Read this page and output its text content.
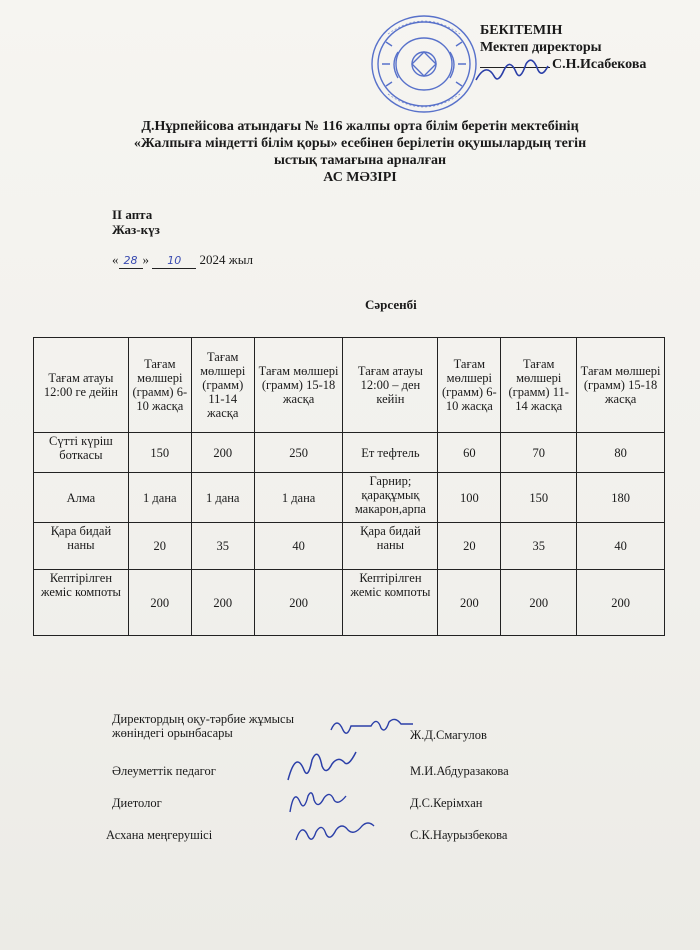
БЕКІТЕМІН
Мектеп директоры
С.Н.Исабекова
Д.Нұрпейісова атындағы № 116 жалпы орта білім беретін мектебінің
«Жалпыға міндетті білім қоры» есебінен берілетін оқушылардың тегін
ыстық тамағына арналған
АС МӘЗІРІ
ІІ апта
Жаз-күз
« 28 » 10 2024 жыл
Сәрсенбі
Тағам атауы 12:00 ге дейін	Тағам мөлшері (грамм) 6-10 жасқа	Тағам мөлшері (грамм) 11-14 жасқа	Тағам мөлшері (грамм) 15-18 жасқа	Тағам атауы 12:00 – ден кейін	Тағам мөлшері (грамм) 6-10 жасқа	Тағам мөлшері (грамм) 11-14 жасқа	Тағам мөлшері (грамм) 15-18 жасқа
Сүтті күріш боткасы	150	200	250	Ет тефтель	60	70	80
Алма	1 дана	1 дана	1 дана	Гарнир; қарақұмық макарон,арпа	100	150	180
Қара бидай наны	20	35	40	Қара бидай наны	20	35	40
Кептірілген жеміс компоты	200	200	200	Кептірілген жеміс компоты	200	200	200
Директордың оқу-тәрбие жұмысы
жөніндегі орынбасары	Ж.Д.Смагулов
Әлеуметтік педагог	М.И.Абдуразакова
Диетолог	Д.С.Керімхан
Асхана меңгерушісі	С.К.Наурызбекова
